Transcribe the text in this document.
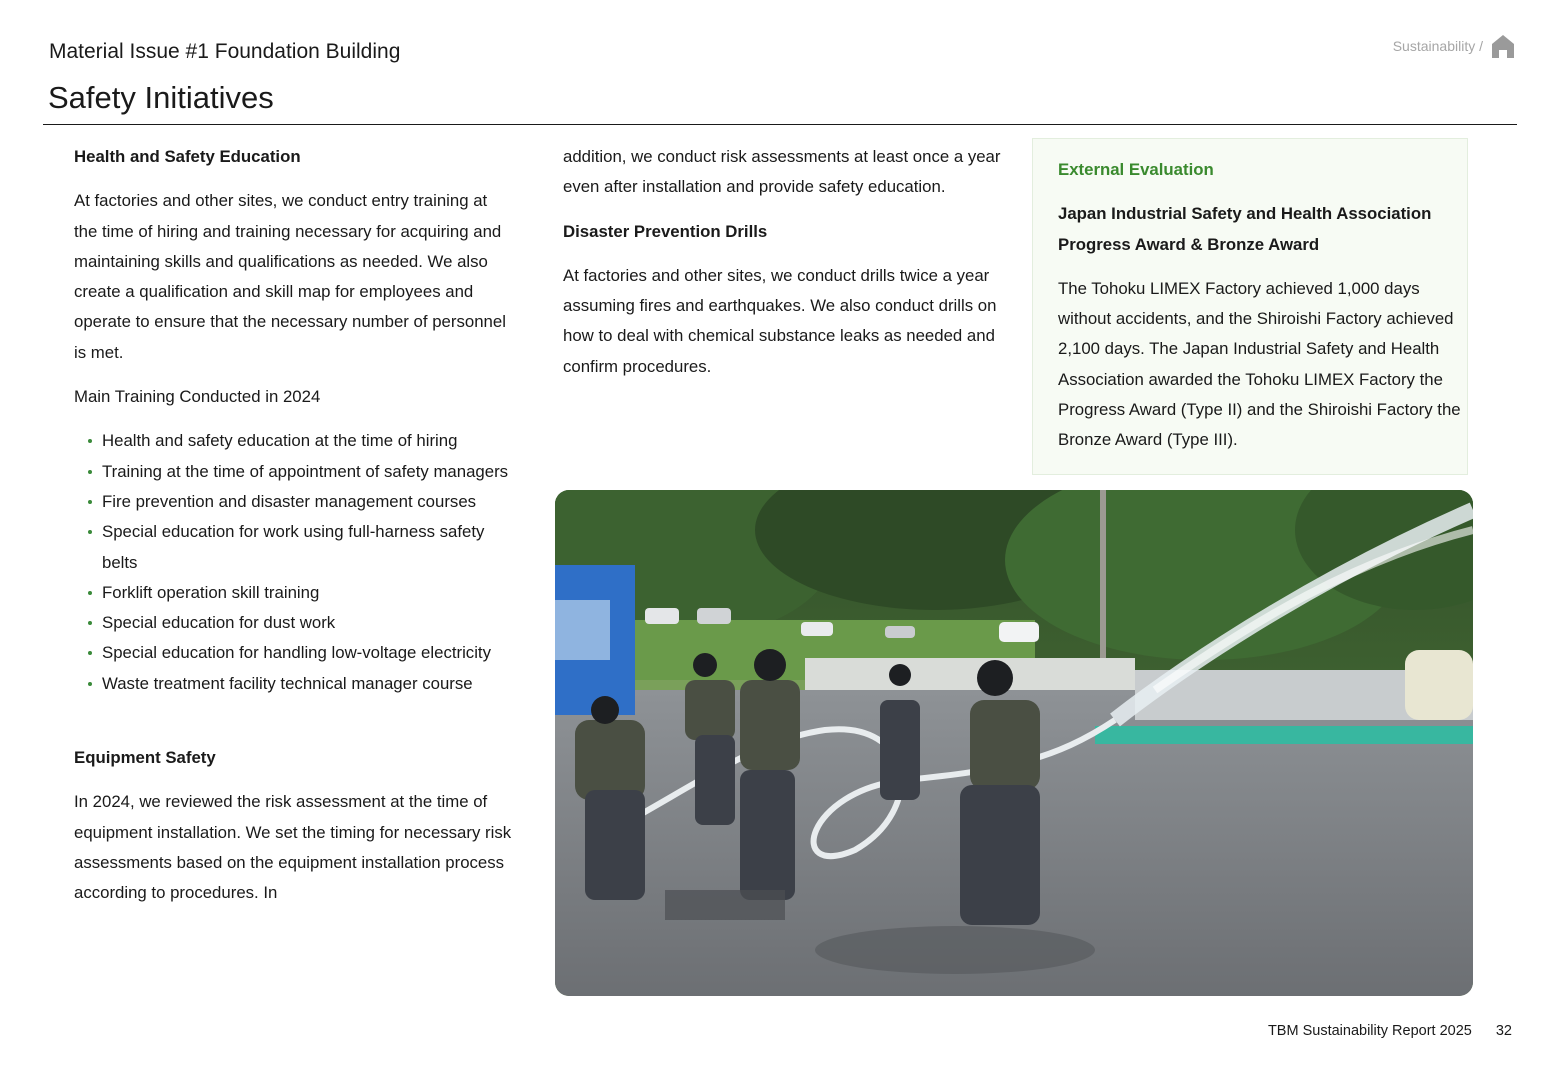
Material Issue #1 Foundation Building
Safety Initiatives
Sustainability /

Health and Safety Education

At factories and other sites, we conduct entry training at the time of hiring and training necessary for acquiring and maintaining skills and qualifications as needed. We also create a qualification and skill map for employees and operate to ensure that the necessary number of personnel is met.

Main Training Conducted in 2024

Health and safety education at the time of hiring
Training at the time of appointment of safety managers
Fire prevention and disaster management courses
Special education for work using full-harness safety belts
Forklift operation skill training
Special education for dust work
Special education for handling low-voltage electricity
Waste treatment facility technical manager course

Equipment Safety

In 2024, we reviewed the risk assessment at the time of equipment installation. We set the timing for necessary risk assessments based on the equipment installation process according to procedures. In

addition, we conduct risk assessments at least once a year even after installation and provide safety education.

Disaster Prevention Drills

At factories and other sites, we conduct drills twice a year assuming fires and earthquakes. We also conduct drills on how to deal with chemical substance leaks as needed and confirm procedures.

External Evaluation

Japan Industrial Safety and Health Association Progress Award & Bronze Award

The Tohoku LIMEX Factory achieved 1,000 days without accidents, and the Shiroishi Factory achieved 2,100 days. The Japan Industrial Safety and Health Association awarded the Tohoku LIMEX Factory the Progress Award (Type II) and the Shiroishi Factory the Bronze Award (Type III).

TBM Sustainability Report 2025 32
